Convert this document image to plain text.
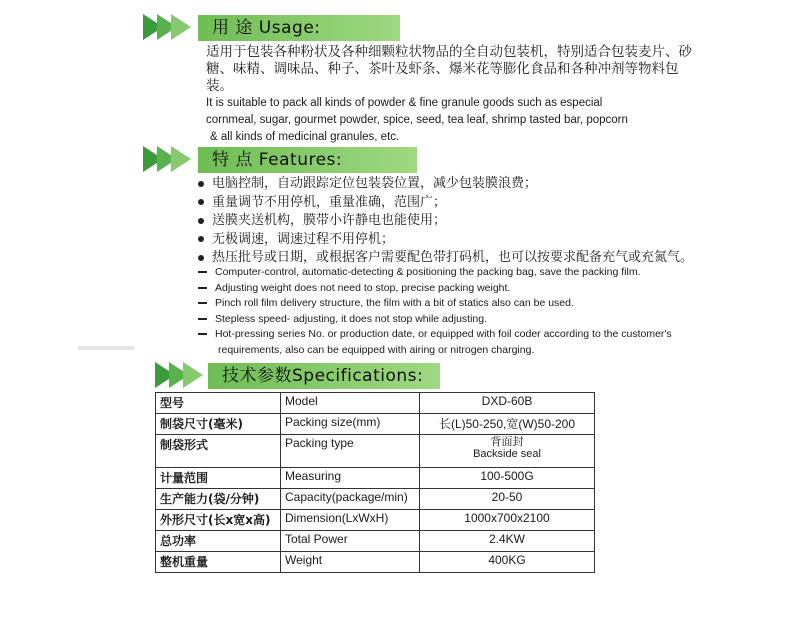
用 途 Usage:

适用于包装各种粉状及各种细颗粒状物品的全自动包装机，特别适合包装麦片、砂糖、味精、调味品、种子、茶叶及虾条、爆米花等膨化食品和各种冲剂等物料包装。

It is suitable to pack all kinds of powder & fine granule goods such as especial

cornmeal, sugar, gourmet powder, spice, seed, tea leaf, shrimp tasted bar, popcorn

& all kinds of medicinal granules, etc.

特 点 Features:
电脑控制，自动跟踪定位包装袋位置，减少包装膜浪费；
重量调节不用停机，重量准确，范围广；
送膜夹送机构，膜带小许静电也能使用；
无极调速，调速过程不用停机；
热压批号或日期，或根据客户需要配色带打码机，也可以按要求配备充气或充氮气。
Computer-control, automatic-detecting & positioning the packing bag, save the packing film.
Adjusting weight does not need to stop, precise packing weight.
Pinch roll film delivery structure, the film with a bit of statics also can be used.
Stepless speed- adjusting, it does not stop while adjusting.
Hot-pressing series No. or production date, or equipped with foil coder according to the customer's
requirements, also can be equipped with airing or nitrogen charging.
技术参数Specifications:
型号	Model	DXD-60B
制袋尺寸(毫米)	Packing size(mm)	长(L)50-250,宽(W)50-200
制袋形式	Packing type	背面封
Backside seal

计量范围	Measuring	100-500G
生产能力(袋/分钟)	Capacity(package/min)	20-50
外形尺寸(长x宽x高)	Dimension(LxWxH)	1000x700x2100
总功率	Total Power	2.4KW
整机重量	Weight	400KG
